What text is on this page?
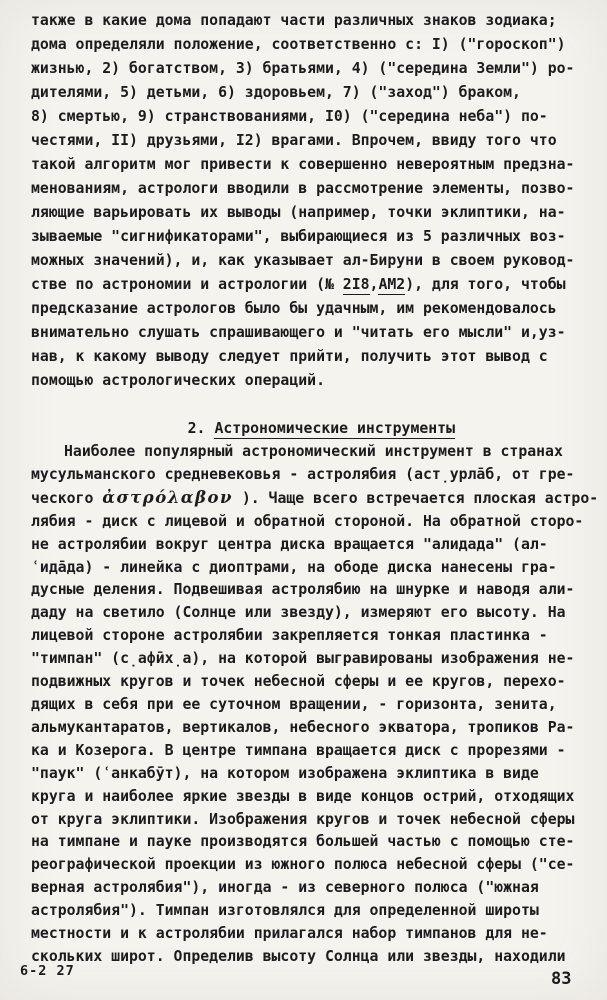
также в какие дома попадают части различных знаков зодиака;
дома определяли положение, соответственно с: I) ("гороскоп")
жизнью, 2) богатством, 3) братьями, 4) ("середина Земли") ро-
дителями, 5) детьми, 6) здоровьем, 7) ("заход") браком,
8) смертью, 9) странствованиями, I0) ("середина неба") по-
честями, II) друзьями, I2) врагами. Впрочем, ввиду того что
такой алгоритм мог привести к совершенно невероятным предзна-
менованиям, астрологи вводили в рассмотрение элементы, позво-
ляющие варьировать их выводы (например, точки эклиптики, на-
зываемые "сигнификаторами", выбирающиеся из 5 различных воз-
можных значений), и, как указывает ал-Бируни в своем руковод-
стве по астрономии и астрологии (№ 2I8,АМ2), для того, чтобы
предсказание астрологов было бы удачным, им рекомендовалось
внимательно слушать спрашивающего и "читать его мысли" и,уз-
нав, к какому выводу следует прийти, получить этот вывод с
помощью астрологических операций.

2. Астрономические инструменты

Наиболее популярный астрономический инструмент в странах
мусульманского средневековья - астролябия (аст̣урла̄б, от гре-
ческого ἀστρόλαβον ). Чаще всего встречается плоская астро-
лябия - диск с лицевой и обратной стороной. На обратной сторо-
не астролябии вокруг центра диска вращается "алидада" (ал-
ʿида̄да) - линейка с диоптрами, на ободе диска нанесены гра-
дусные деления. Подвешивая астролябию на шнурке и наводя али-
даду на светило (Солнце или звезду), измеряют его высоту. На
лицевой стороне астролябии закрепляется тонкая пластинка -
"тимпан" (с̣афӣх̣а), на которой выгравированы изображения не-
подвижных кругов и точек небесной сферы и ее кругов, перехо-
дящих в себя при ее суточном вращении, - горизонта, зенита,
альмукантаратов, вертикалов, небесного экватора, тропиков Ра-
ка и Козерога. В центре тимпана вращается диск с прорезями -
"паук" (ʿанкабӯт), на котором изображена эклиптика в виде
круга и наиболее яркие звезды в виде концов острий, отходящих
от круга эклиптики. Изображения кругов и точек небесной сферы
на тимпане и пауке производятся большей частью с помощью сте-
реографической проекции из южного полюса небесной сферы ("се-
верная астролябия"), иногда - из северного полюса ("южная
астролябия"). Тимпан изготовлялся для определенной широты
местности и к астролябии прилагался набор тимпанов для не-
скольких широт. Определив высоту Солнца или звезды, находили
6-2 27	83
